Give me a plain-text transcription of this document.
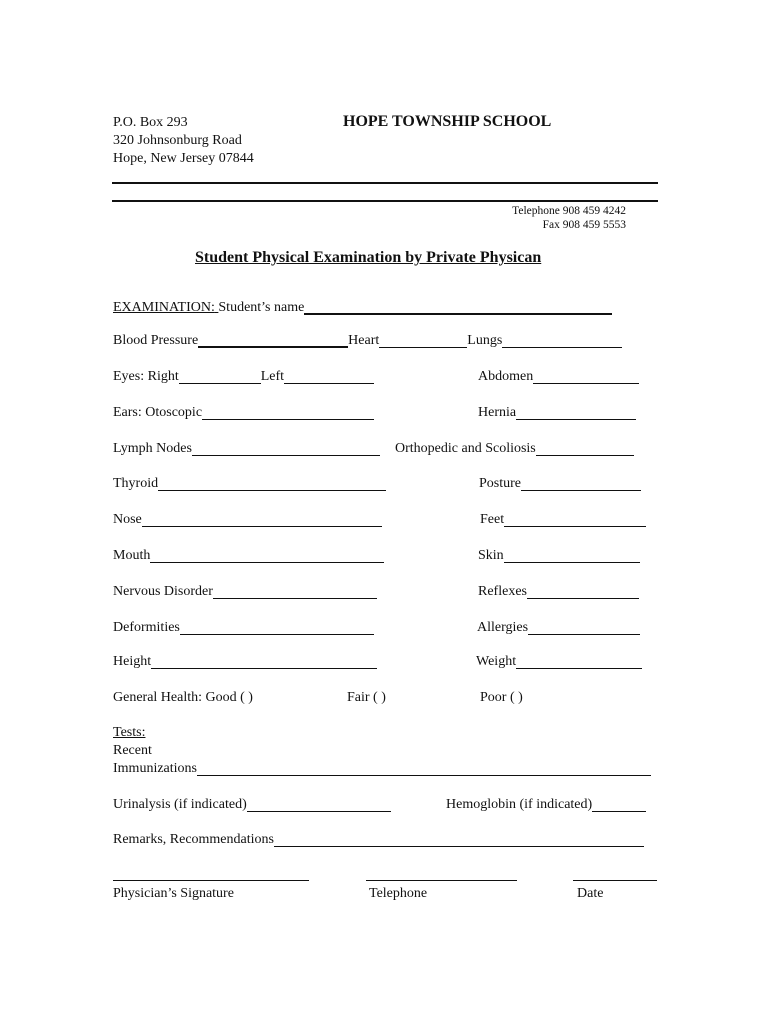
P.O. Box 293
320 Johnsonburg Road
Hope, New Jersey 07844
HOPE TOWNSHIP SCHOOL
Telephone 908 459 4242
Fax 908 459 5553
Student Physical Examination by Private Physican
EXAMINATION:
Student’s name
Blood Pressure	Heart	Lungs
Eyes: Right	Left	Abdomen
Ears: Otoscopic	Hernia
Lymph Nodes	Orthopedic and Scoliosis
Thyroid	Posture
Nose	Feet
Mouth	Skin
Nervous Disorder	Reflexes
Deformities	Allergies
Height	Weight
General Health: Good ( )	Fair ( )	Poor ( )
Tests:
Recent
Immunizations
Urinalysis (if indicated)	Hemoglobin (if indicated)
Remarks, Recommendations
Physician’s Signature	Telephone	Date
